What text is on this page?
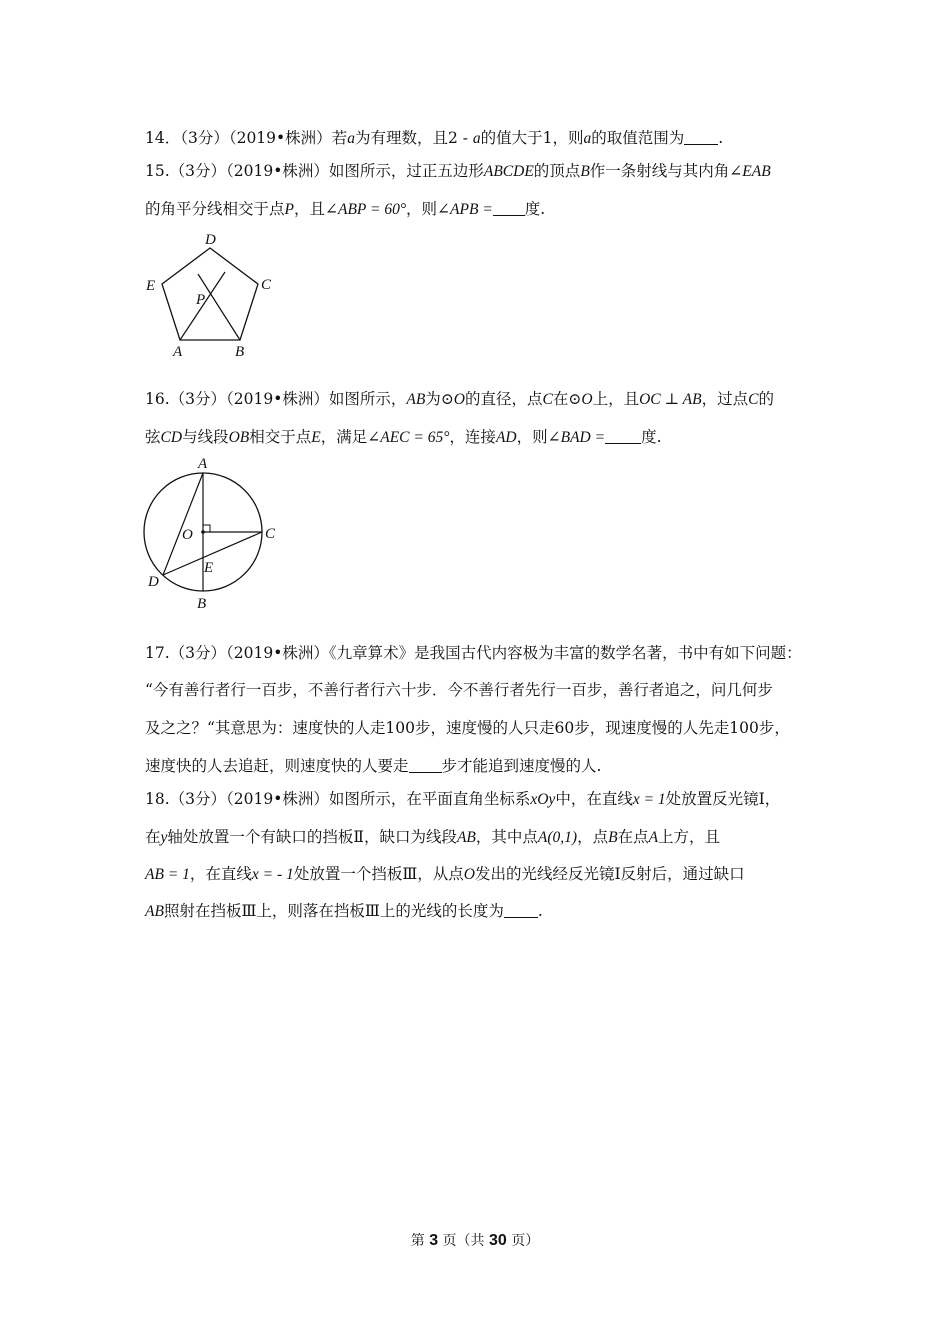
14．（3分）（2019•株洲）若a为有理数，且2 - a的值大于1，则a的取值范围为 .
15.（3分）（2019•株洲）如图所示，过正五边形ABCDE的顶点B作一条射线与其内角∠EAB
的角平分线相交于点P，且∠ABP = 60°，则∠APB = 度.
D
E	C
P
A	B
16.（3分）（2019•株洲）如图所示，AB为⊙O的直径，点C在⊙O上，且OC ⊥ AB，过点C的
弦CD与线段OB相交于点E，满足∠AEC = 65°，连接AD，则∠BAD = 度.
A
O	C
E
D
B
17.（3分）（2019•株洲）《九章算术》是我国古代内容极为丰富的数学名著，书中有如下问题：
“今有善行者行一百步，不善行者行六十步．今不善行者先行一百步，善行者追之，问几何步
及之之？“其意思为：速度快的人走100步，速度慢的人只走60步，现速度慢的人先走100步，
速度快的人去追赶，则速度快的人要走 步才能追到速度慢的人.
18.（3分）（2019•株洲）如图所示，在平面直角坐标系xOy中，在直线x = 1处放置反光镜Ⅰ，
在y轴处放置一个有缺口的挡板Ⅱ，缺口为线段AB，其中点A(0,1)，点B在点A上方，且
AB = 1，在直线x = - 1处放置一个挡板Ⅲ，从点O发出的光线经反光镜Ⅰ反射后，通过缺口
AB照射在挡板Ⅲ上，则落在挡板Ⅲ上的光线的长度为 .
第 3 页（共 30 页）
